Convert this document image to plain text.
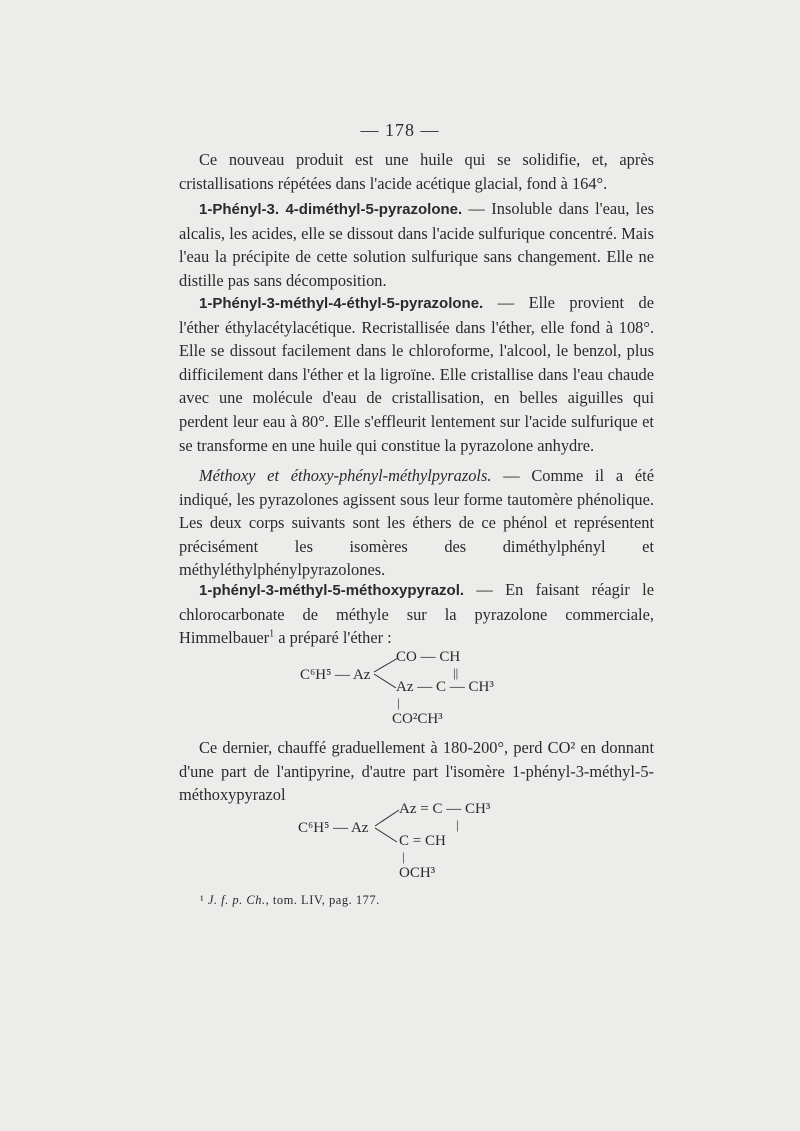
— 178 —

Ce nouveau produit est une huile qui se solidifie, et, après cristallisations répétées dans l'acide acétique glacial, fond à 164°.

1-Phényl-3. 4-diméthyl-5-pyrazolone. — Insoluble dans l'eau, les alcalis, les acides, elle se dissout dans l'acide sulfurique concentré. Mais l'eau la précipite de cette solution sulfurique sans changement. Elle ne distille pas sans décomposition.

1-Phényl-3-méthyl-4-éthyl-5-pyrazolone. — Elle provient de l'éther éthylacétylacétique. Recristallisée dans l'éther, elle fond à 108°. Elle se dissout facilement dans le chloroforme, l'alcool, le benzol, plus difficilement dans l'éther et la ligroïne. Elle cristallise dans l'eau chaude avec une molécule d'eau de cristallisation, en belles aiguilles qui perdent leur eau à 80°. Elle s'effleurit lentement sur l'acide sulfurique et se transforme en une huile qui constitue la pyrazolone anhydre.

Méthoxy et éthoxy-phényl-méthylpyrazols. — Comme il a été indiqué, les pyrazolones agissent sous leur forme tautomère phénolique. Les deux corps suivants sont les éthers de ce phénol et représentent précisément les isomères des diméthylphényl et méthyléthylphénylpyrazolones.

1-phényl-3-méthyl-5-méthoxypyrazol. — En faisant réagir le chlorocarbonate de méthyle sur la pyrazolone commerciale, Himmelbauer$^1$ a préparé l'éther :

C⁶H⁵ — Az
CO — CH
||
Az — C — CH³
|
CO²CH³

Ce dernier, chauffé graduellement à 180-200°, perd CO² en donnant d'une part de l'antipyrine, d'autre part l'isomère 1-phényl-3-méthyl-5-méthoxypyrazol

C⁶H⁵ — Az
Az = C — CH³
|
C = CH
|
OCH³
¹ J. f. p. Ch., tom. LIV, pag. 177.
